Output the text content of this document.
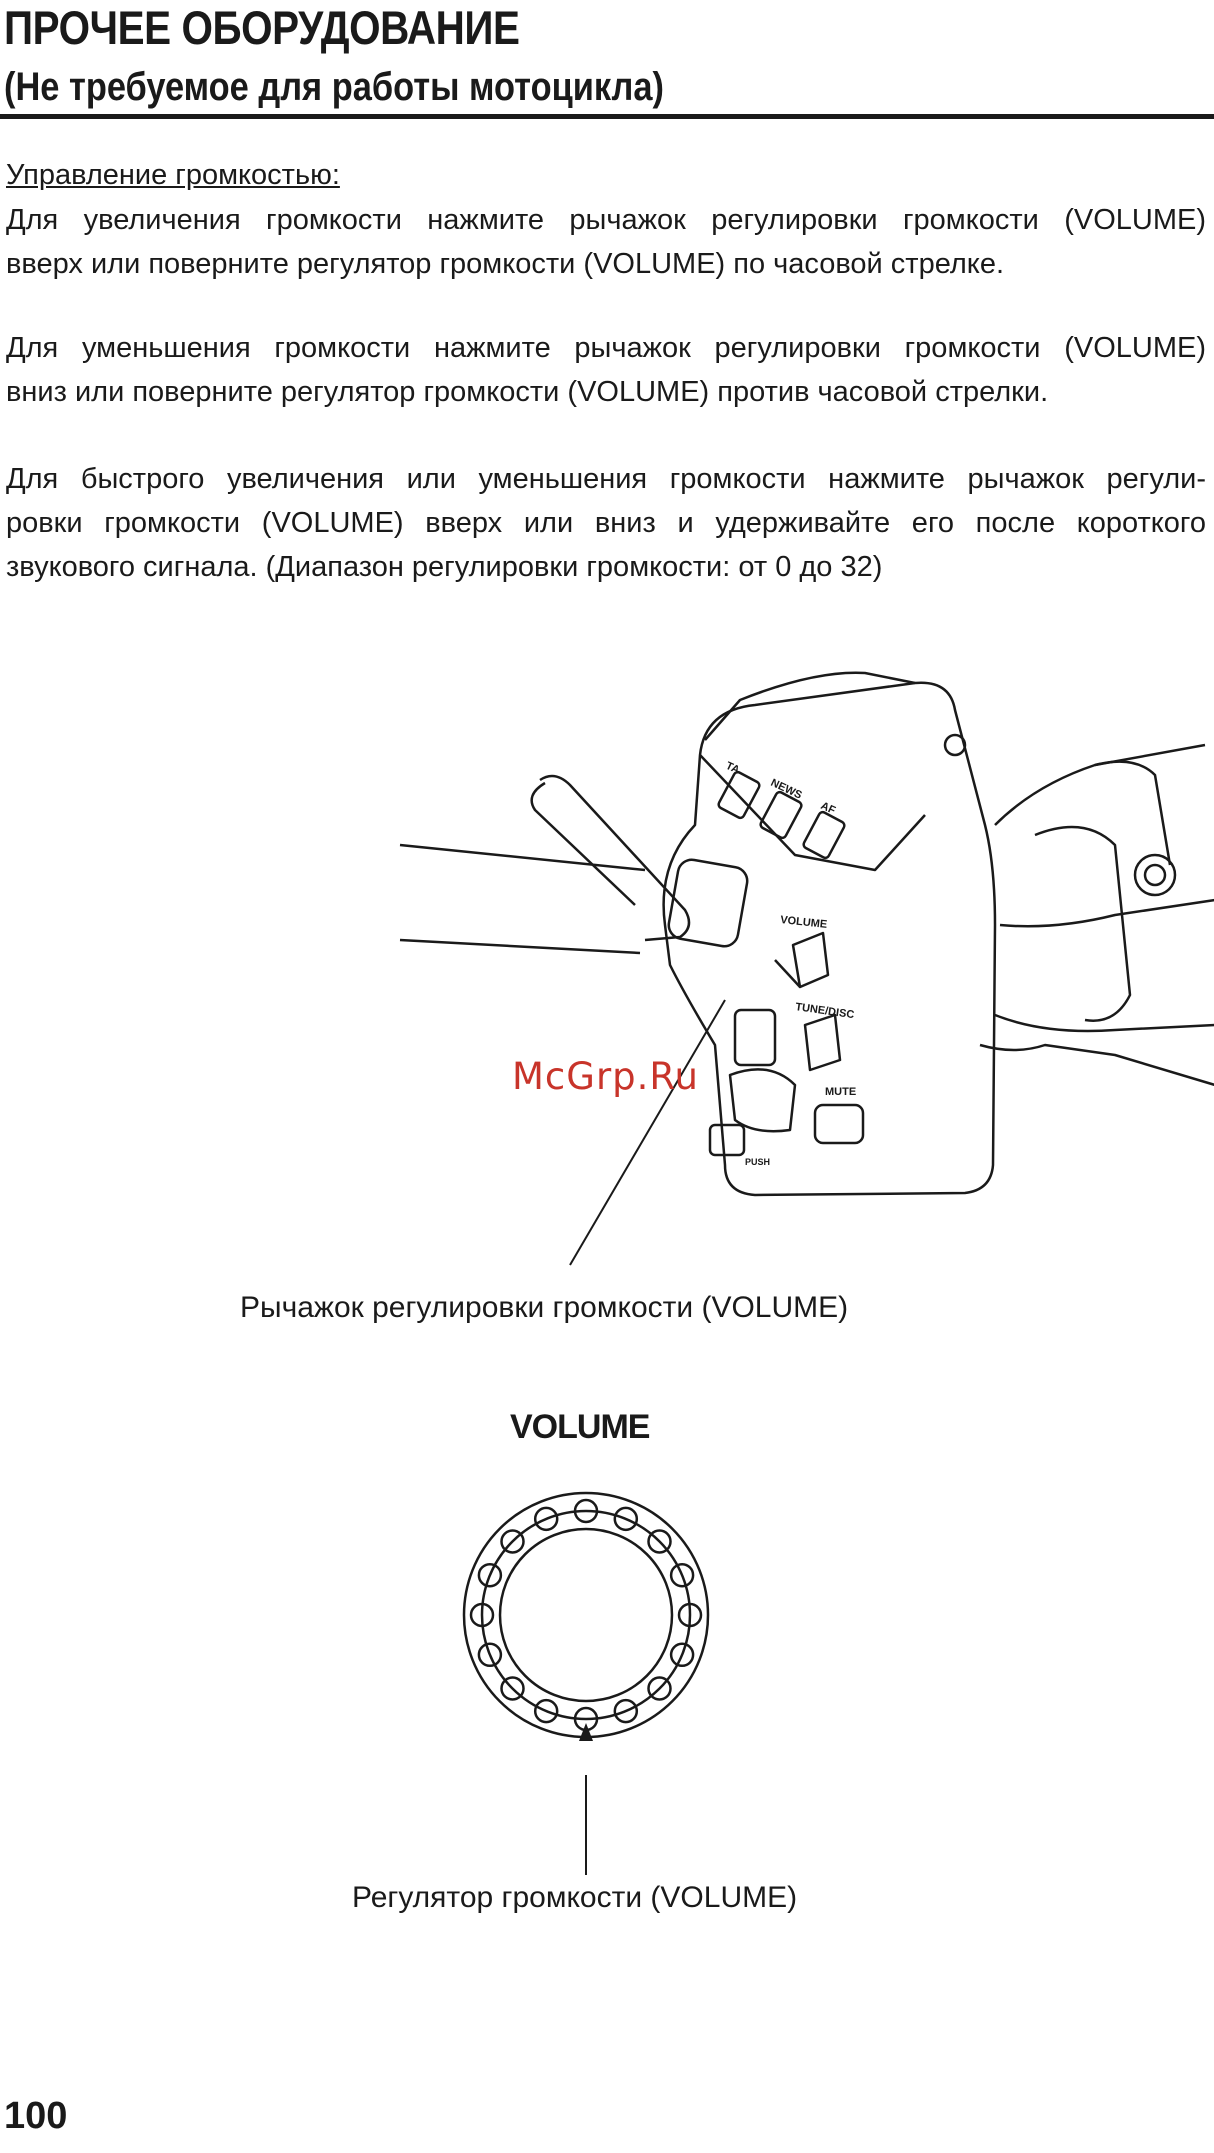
ПРОЧЕЕ ОБОРУДОВАНИЕ
(Не требуемое для работы мотоцикла)
Управление громкостью:
Для увеличения громкости нажмите рычажок регулировки громкости (VOLUME)
вверх или поверните регулятор громкости (VOLUME) по часовой стрелке.
Для уменьшения громкости нажмите рычажок регулировки громкости (VOLUME)
вниз или поверните регулятор громкости (VOLUME) против часовой стрелки.
Для быстрого увеличения или уменьшения громкости нажмите рычажок регули-
ровки громкости (VOLUME) вверх или вниз и удерживайте его после короткого
звукового сигнала. (Диапазон регулировки громкости: от 0 до 32)
TA
NEWS
AF
VOLUME
TUNE/DISC
MUTE
PUSH
McGrp.Ru
Рычажок регулировки громкости (VOLUME)
VOLUME
Регулятор громкости (VOLUME)
100
